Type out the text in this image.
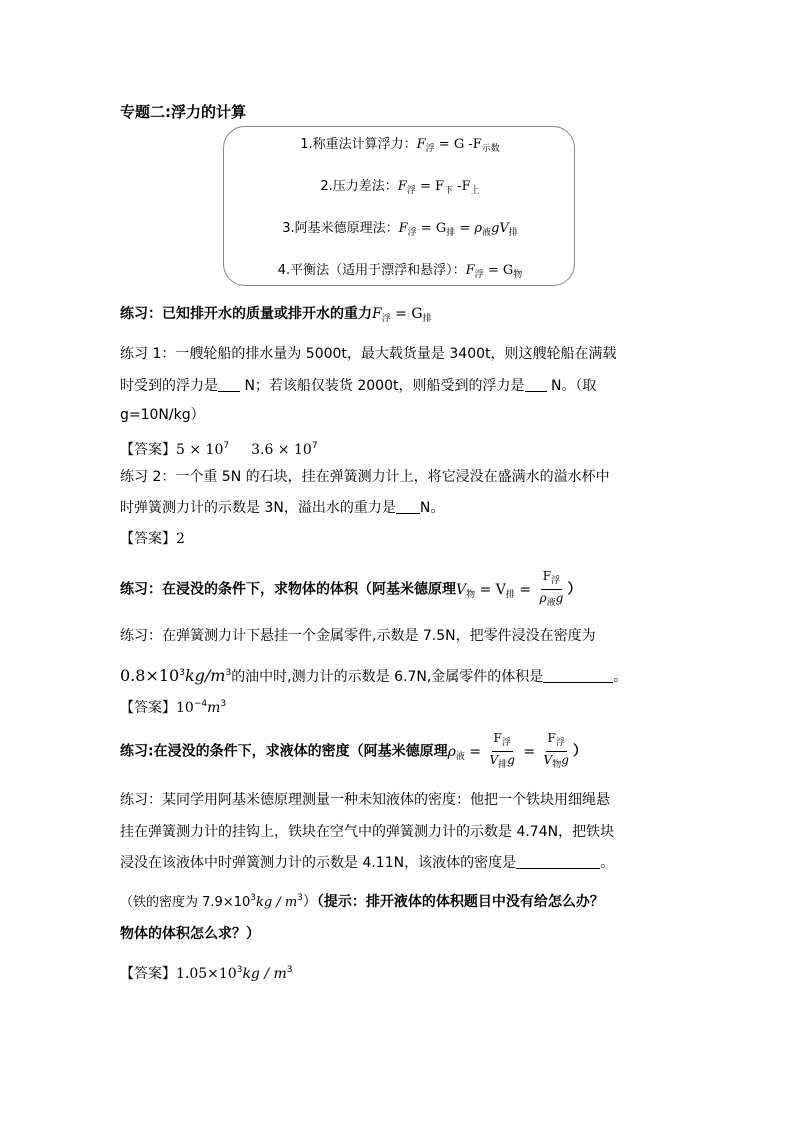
专题二:浮力的计算
1.称重法计算浮力：$F_浮 = G$ $-F_{示数}$
2.压力差法：$F_浮 = F_下$ $-F_上$
3.阿基米德原理法：$F_浮 = G_排 = \rho_液gV_排$
4.平衡法（适用于漂浮和悬浮）：$F_浮 = G_物$
练习：已知排开水的质量或排开水的重力$F_浮 = G_排$
练习 1：一艘轮船的排水量为 5000t，最大载货量是 3400t，则这艘轮船在满载
时受到的浮力是 N；若该船仅装货 2000t，则船受到的浮力是 N。（取
g=10N/kg）
【答案】$5 \times 10^7$ $3.6 \times 10^7$
练习 2：一个重 5N 的石块，挂在弹簧测力计上，将它浸没在盛满水的溢水杯中
时弹簧测力计的示数是 3N，溢出水的重力是 N。
【答案】2
练习：在浸没的条件下，求物体的体积（阿基米德原理$V_物 = V_排 = \frac{F_浮}{\rho_液g}$ ）
练习：在弹簧测力计下悬挂一个金属零件,示数是 7.5N，把零件浸没在密度为
$0.8\times 10^3kg/m^3$的油中时,测力计的示数是 6.7N,金属零件的体积是	。
【答案】$10^{-4}m^3$
练习:在浸没的条件下，求液体的密度（阿基米德原理$\rho_液 = \frac{F_浮}{V_排g} = \frac{F_浮}{V_物g}$ ）
练习：某同学用阿基米德原理测量一种未知液体的密度：他把一个铁块用细绳悬
挂在弹簧测力计的挂钩上，铁块在空气中的弹簧测力计的示数是 4.74N，把铁块
浸没在该液体中时弹簧测力计的示数是 4.11N，该液体的密度是	。
（铁的密度为 $7.9\times 10^3kg / m^3$）（提示：排开液体的体积题目中没有给怎么办？
物体的体积怎么求？）
【答案】$1.05\times 10^3kg / m^3$
